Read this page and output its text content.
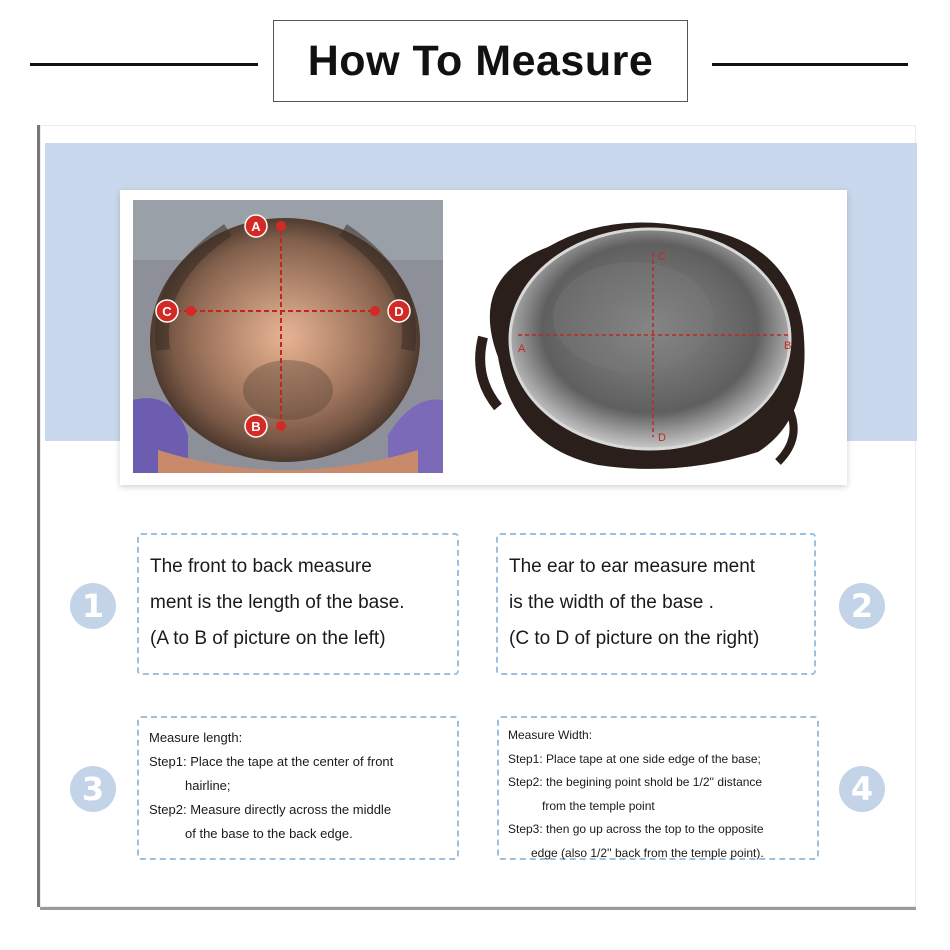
How To Measure
A
B
C	D
C
D
A	B

The front to back measure

ment is the length of the base.

(A to B of picture on the left)

1

The ear to ear measure ment

is the width of the base .

(C to D of picture on the right)

2

Measure length:

Step1: Place the tape at the center of front

hairline;

Step2: Measure directly across the middle

of the base to the back edge.

3

Measure Width:

Step1: Place tape at one side edge of the base;

Step2: the begining point shold be 1/2'' distance

from the temple point

Step3: then go up across the top to the opposite

edge (also 1/2'' back from the temple point).

4
